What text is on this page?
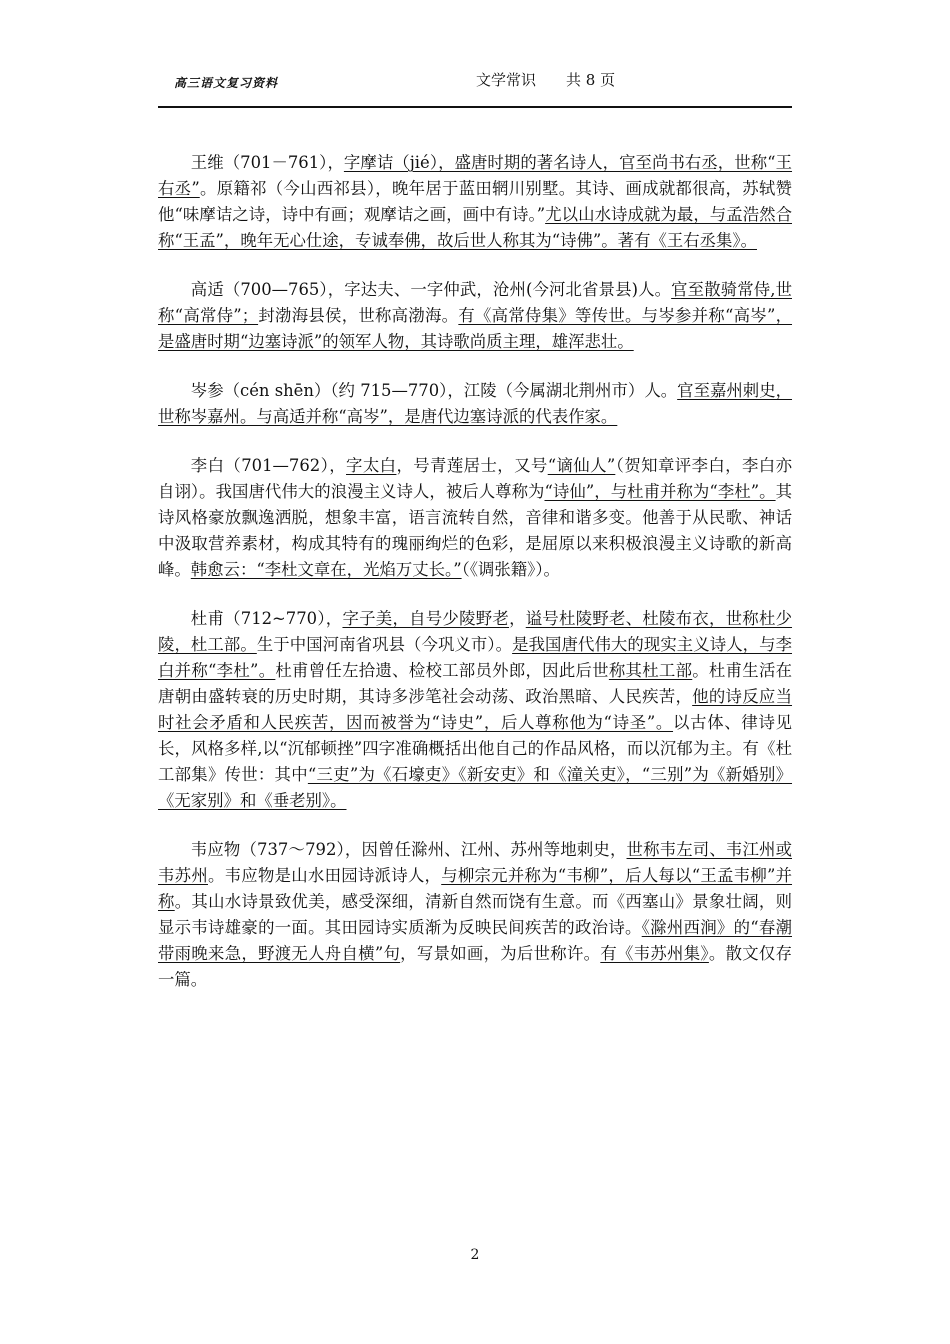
高三语文复习资料	文学常识　　共 8 页

王维（701－761），字摩诘（jié），盛唐时期的著名诗人，官至尚书右丞，世称“王右丞”。原籍祁（今山西祁县），晚年居于蓝田辋川别墅。其诗、画成就都很高，苏轼赞他“味摩诘之诗，诗中有画；观摩诘之画，画中有诗。”尤以山水诗成就为最，与孟浩然合称“王孟”，晚年无心仕途，专诚奉佛，故后世人称其为“诗佛”。著有《王右丞集》。

高适（700—765），字达夫、一字仲武，沧州(今河北省景县)人。官至散骑常侍,世称“高常侍”；封渤海县侯，世称高渤海。有《高常侍集》等传世。与岑参并称“高岑”，是盛唐时期“边塞诗派”的领军人物，其诗歌尚质主理，雄浑悲壮。

岑参（cén shēn）（约 715—770），江陵（今属湖北荆州市）人。官至嘉州刺史，世称岑嘉州。与高适并称“高岑”，是唐代边塞诗派的代表作家。

李白（701—762），字太白，号青莲居士，又号“谪仙人”（贺知章评李白，李白亦自诩）。我国唐代伟大的浪漫主义诗人，被后人尊称为“诗仙”，与杜甫并称为“李杜”。其诗风格豪放飘逸洒脱，想象丰富，语言流转自然，音律和谐多变。他善于从民歌、神话中汲取营养素材，构成其特有的瑰丽绚烂的色彩，是屈原以来积极浪漫主义诗歌的新高峰。韩愈云：“李杜文章在，光焰万丈长。”（《调张籍》）。

杜甫（712~770），字子美，自号少陵野老，谥号杜陵野老、杜陵布衣，世称杜少陵，杜工部。生于中国河南省巩县（今巩义市）。是我国唐代伟大的现实主义诗人，与李白并称“李杜”。杜甫曾任左拾遗、检校工部员外郎，因此后世称其杜工部。杜甫生活在唐朝由盛转衰的历史时期，其诗多涉笔社会动荡、政治黑暗、人民疾苦，他的诗反应当时社会矛盾和人民疾苦，因而被誉为“诗史”，后人尊称他为“诗圣”。以古体、律诗见长，风格多样,以“沉郁顿挫”四字准确概括出他自己的作品风格，而以沉郁为主。有《杜工部集》传世：其中“三吏”为《石壕吏》《新安吏》和《潼关吏》，“三别”为《新婚别》《无家别》和《垂老别》。

韦应物（737～792），因曾任滁州、江州、苏州等地刺史，世称韦左司、韦江州或韦苏州。韦应物是山水田园诗派诗人，与柳宗元并称为“韦柳”，后人每以“王孟韦柳”并称。其山水诗景致优美，感受深细，清新自然而饶有生意。而《西塞山》景象壮阔，则显示韦诗雄豪的一面。其田园诗实质渐为反映民间疾苦的政治诗。《滁州西涧》的“春潮带雨晚来急，野渡无人舟自横”句，写景如画，为后世称许。有《韦苏州集》。散文仅存一篇。

2
